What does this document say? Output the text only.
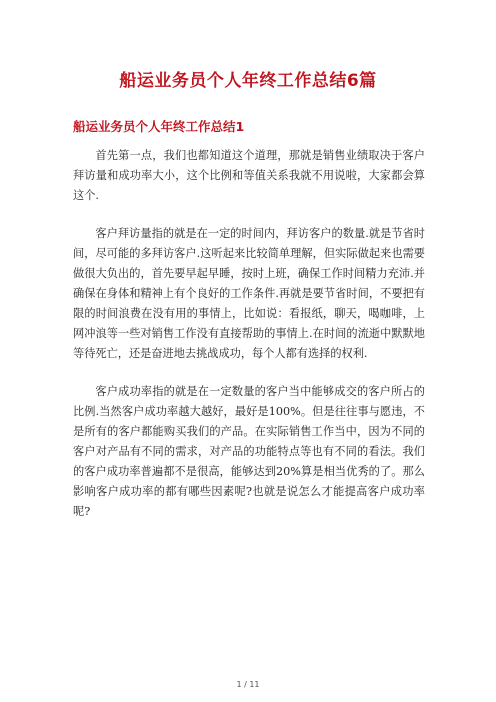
船运业务员个人年终工作总结6篇
船运业务员个人年终工作总结1

首先第一点，我们也都知道这个道理，那就是销售业绩取决于客户拜访量和成功率大小，这个比例和等值关系我就不用说啦，大家都会算这个.

客户拜访量指的就是在一定的时间内，拜访客户的数量.就是节省时间，尽可能的多拜访客户.这听起来比较简单理解，但实际做起来也需要做很大负出的，首先要早起早睡，按时上班，确保工作时间精力充沛.并确保在身体和精神上有个良好的工作条件.再就是要节省时间，不要把有限的时间浪费在没有用的事情上，比如说：看报纸，聊天，喝咖啡，上网冲浪等一些对销售工作没有直接帮助的事情上.在时间的流逝中默默地等待死亡，还是奋进地去挑战成功，每个人都有选择的权利.

客户成功率指的就是在一定数量的客户当中能够成交的客户所占的比例.当然客户成功率越大越好，最好是100%。但是往往事与愿违，不是所有的客户都能购买我们的产品。在实际销售工作当中，因为不同的客户对产品有不同的需求，对产品的功能特点等也有不同的看法。我们的客户成功率普遍都不是很高，能够达到20%算是相当优秀的了。那么影响客户成功率的都有哪些因素呢?也就是说怎么才能提高客户成功率呢?

1 / 11
